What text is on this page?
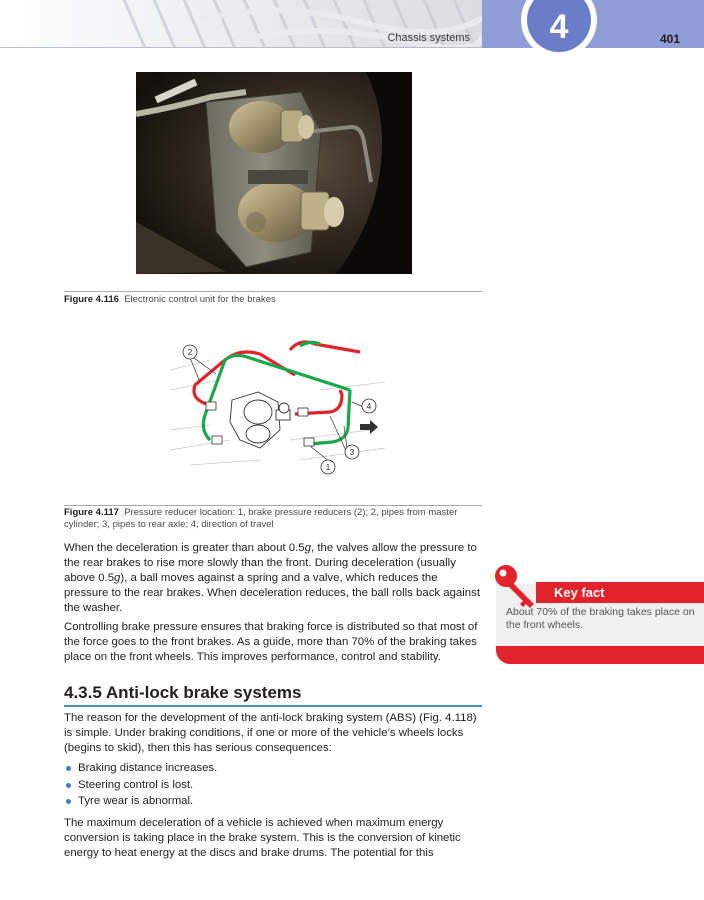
Chassis systems	4	401
Figure 4.116 Electronic control unit for the brakes
1
2
3
4
Figure 4.117 Pressure reducer location: 1, brake pressure reducers (2); 2, pipes from master cylinder; 3, pipes to rear axle; 4, direction of travel

When the deceleration is greater than about 0.5g, the valves allow the pressure to the rear brakes to rise more slowly than the front. During deceleration (usually above 0.5g), a ball moves against a spring and a valve, which reduces the pressure to the rear brakes. When deceleration reduces, the ball rolls back against the washer.

Controlling brake pressure ensures that braking force is distributed so that most of the force goes to the front brakes. As a guide, more than 70% of the braking takes place on the front wheels. This improves performance, control and stability.

4.3.5 Anti-lock brake systems

The reason for the development of the anti-lock braking system (ABS) (Fig. 4.118) is simple. Under braking conditions, if one or more of the vehicle’s wheels locks (begins to skid), then this has serious consequences:

Braking distance increases.
Steering control is lost.
Tyre wear is abnormal.

The maximum deceleration of a vehicle is achieved when maximum energy conversion is taking place in the brake system. This is the conversion of kinetic energy to heat energy at the discs and brake drums. The potential for this

Key fact
About 70% of the braking takes place on the front wheels.
